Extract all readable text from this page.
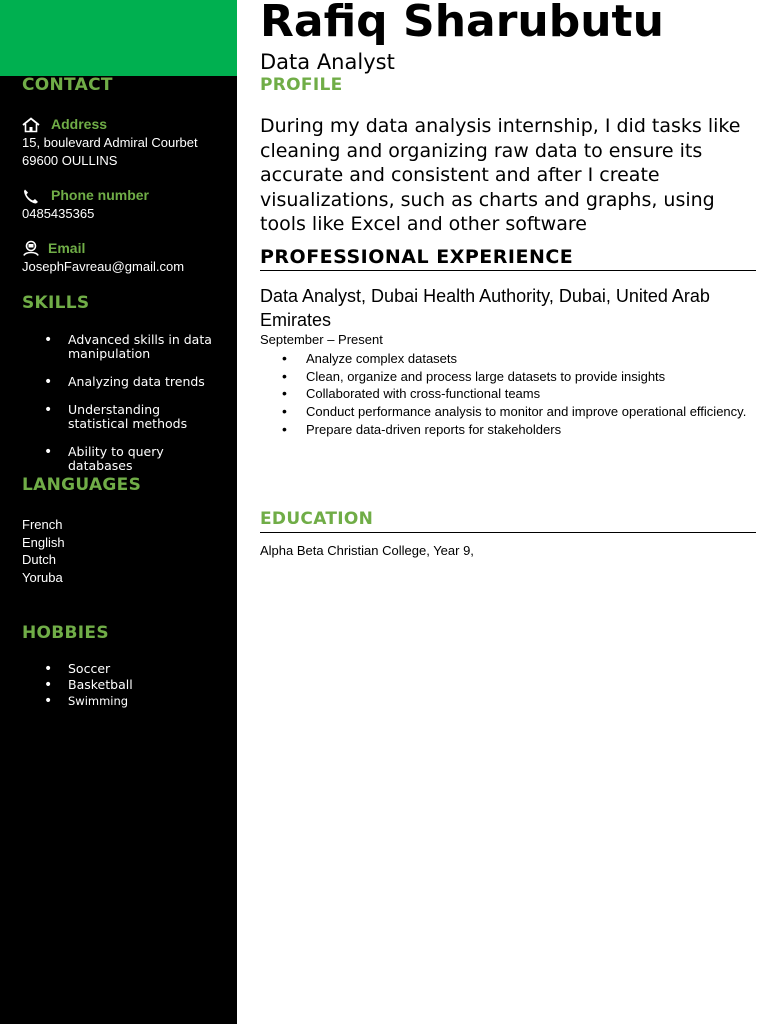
CONTACT
Address
15, boulevard Admiral Courbet
69600 OULLINS
Phone number
0485435365
Email
JosephFavreau@gmail.com
SKILLS
• Advanced skills in data manipulation
• Analyzing data trends
• Understanding statistical methods
• Ability to query databases
LANGUAGES
French
English
Dutch
Yoruba
HOBBIES
• Soccer
• Basketball
• Swimming
Rafiq Sharubutu
Data Analyst
PROFILE

During my data analysis internship, I did tasks like cleaning and organizing raw data to ensure its accurate and consistent and after I create visualizations, such as charts and graphs, using tools like Excel and other software

PROFESSIONAL EXPERIENCE

Data Analyst, Dubai Health Authority, Dubai, United Arab Emirates

September – Present
• Analyze complex datasets
• Clean, organize and process large datasets to provide insights
• Collaborated with cross-functional teams
• Conduct performance analysis to monitor and improve operational efficiency.
• Prepare data-driven reports for stakeholders
EDUCATION
Alpha Beta Christian College, Year 9,
